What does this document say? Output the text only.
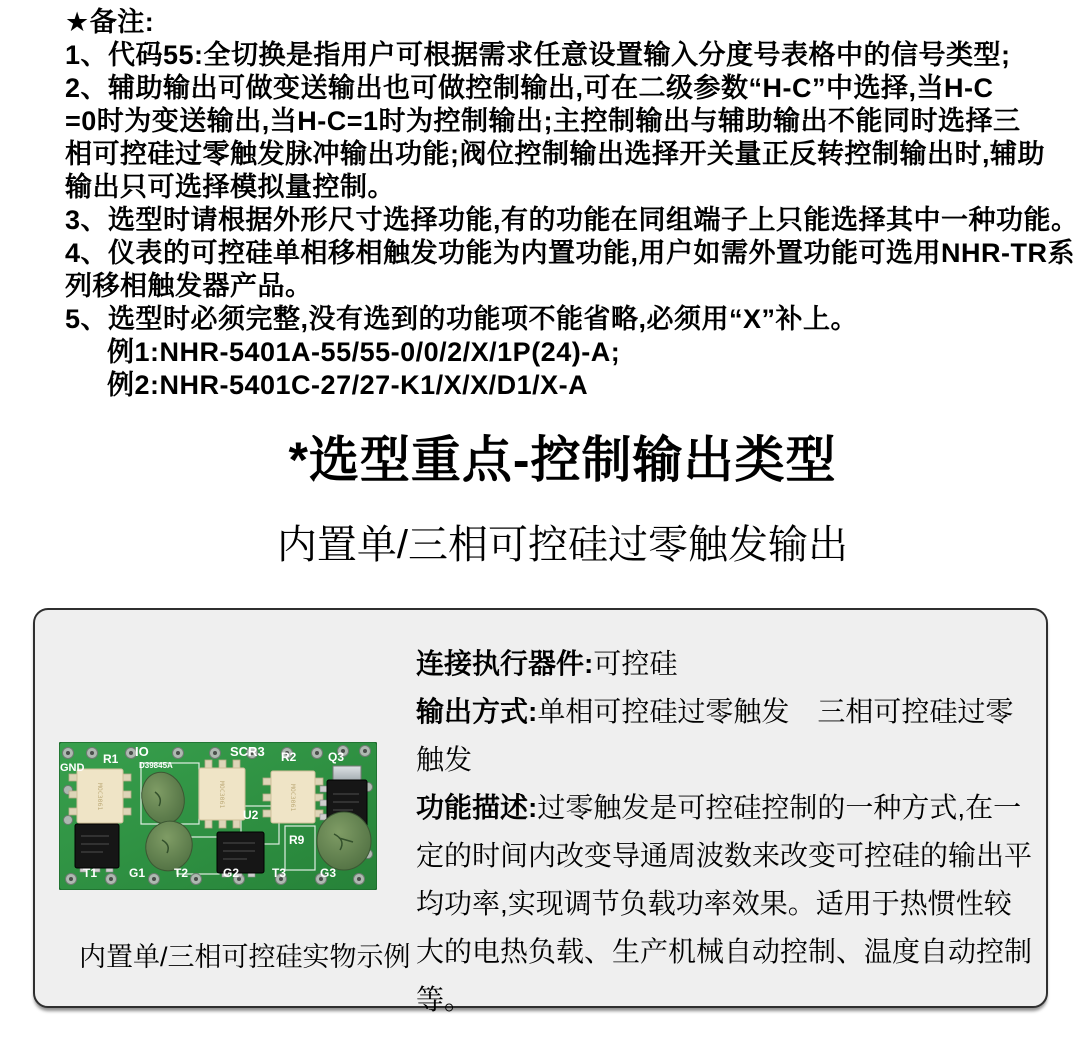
★备注:
1、代码55:全切换是指用户可根据需求任意设置输入分度号表格中的信号类型;
2、辅助输出可做变送输出也可做控制输出,可在二级参数“H-C”中选择,当H-C
=0时为变送输出,当H-C=1时为控制输出;主控制输出与辅助输出不能同时选择三
相可控硅过零触发脉冲输出功能;阀位控制输出选择开关量正反转控制输出时,辅助
输出只可选择模拟量控制。
3、选型时请根据外形尺寸选择功能,有的功能在同组端子上只能选择其中一种功能。
4、仪表的可控硅单相移相触发功能为内置功能,用户如需外置功能可选用NHR-TR系
列移相触发器产品。
5、选型时必须完整,没有选到的功能项不能省略,必须用“X”补上。
例1:NHR-5401A-55/55-0/0/2/X/1P(24)-A;
例2:NHR-5401C-27/27-K1/X/X/D1/X-A
*选型重点-控制输出类型
内置单/三相可控硅过零触发输出
MOC3061	MOC3061	MOC3061
GND
R1 IO
D39845A
SCR3 R2	Q3
U2
R9
T1	G1 T2	G2	T3	G3
内置单/三相可控硅实物示例

连接执行器件:可控硅

输出方式:单相可控硅过零触发　三相可控硅过零触发

功能描述:过零触发是可控硅控制的一种方式,在一定的时间内改变导通周波数来改变可控硅的输出平均功率,实现调节负载功率效果。适用于热惯性较大的电热负载、生产机械自动控制、温度自动控制等。
